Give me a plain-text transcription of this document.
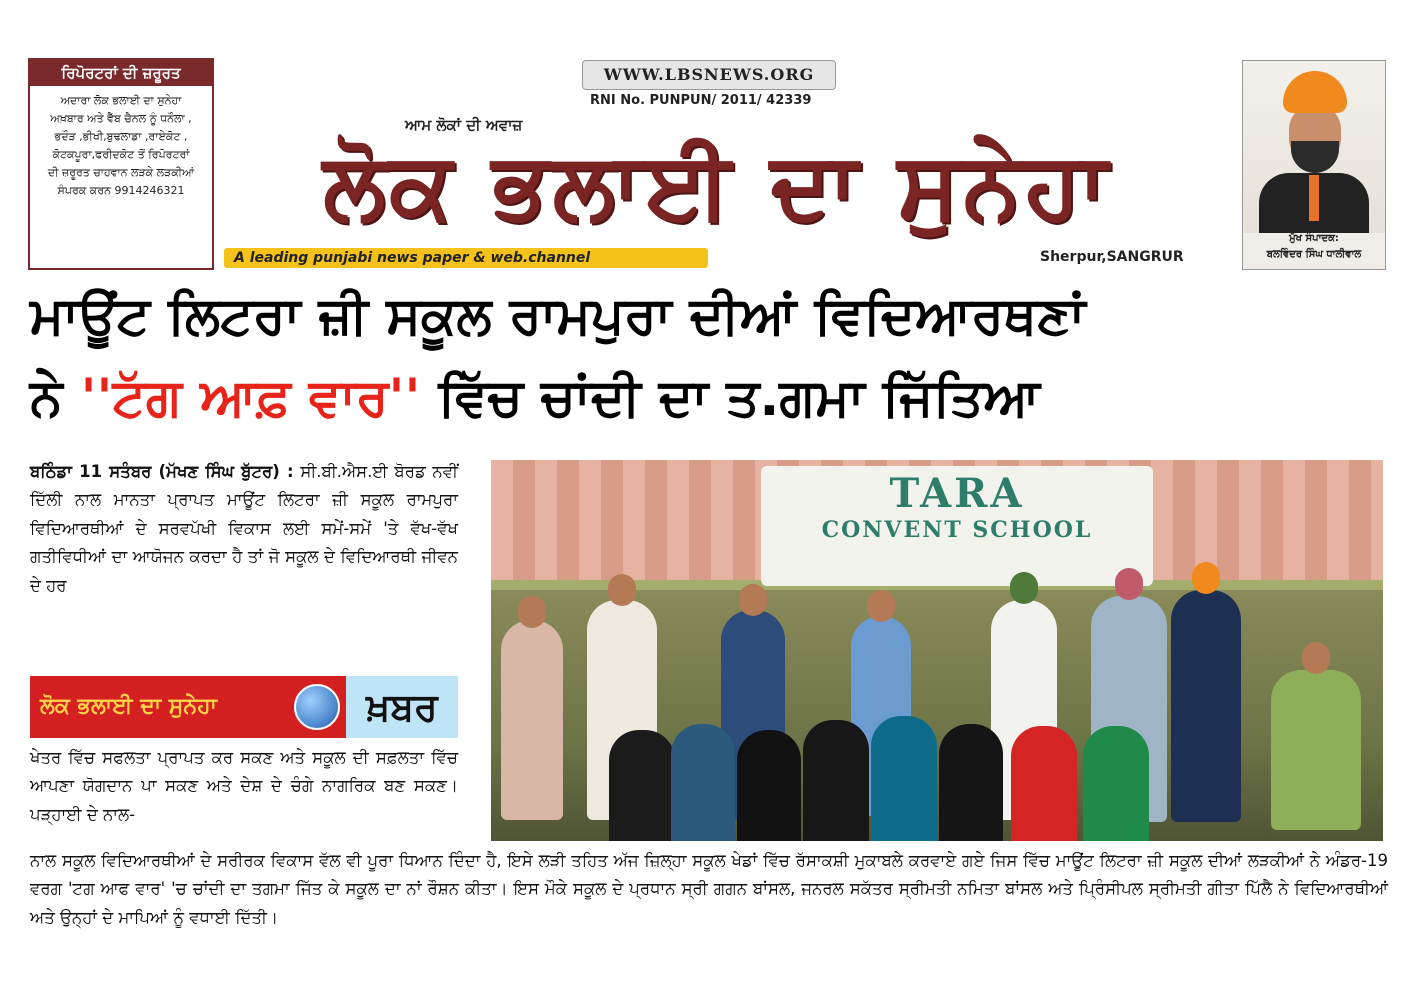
ਰਿਪੋਰਟਰਾਂ ਦੀ ਜ਼ਰੂਰਤ
ਅਦਾਰਾ ਲੋਕ ਭਲਾਈ ਦਾ ਸੁਨੇਹਾ
ਅਖ਼ਬਾਰ ਅਤੇ ਵੈੱਬ ਚੈਨਲ ਨੂੰ ਧਨੌਲਾ ,
ਭਦੌੜ ,ਭੀਖੀ,ਬੁਢਲਾਡਾ ,ਰਾਏਕੋਟ ,
ਕੋਟਕਪੂਰਾ,ਫਰੀਦਕੋਟ ਤੋਂ ਰਿਪੋਰਟਰਾਂ
ਦੀ ਜ਼ਰੂਰਤ ਚਾਹਵਾਨ ਲੜਕੇ ਲੜਕੀਆਂ
ਸੰਪਰਕ ਕਰਨ 9914246321
WWW.LBSNEWS.ORG
RNI No. PUNPUN/ 2011/ 42339
ਆਮ ਲੋਕਾਂ ਦੀ ਅਵਾਜ਼
ਲੋਕ ਭਲਾਈ ਦਾ ਸੁਨੇਹਾ
A leading punjabi news paper & web.channel	Sherpur,SANGRUR
ਮੁੱਖ ਸੰਪਾਦਕ:
ਬਲਵਿੰਦਰ ਸਿੰਘ ਧਾਲੀਵਾਲ
ਮਾਊਂਟ ਲਿਟਰਾ ਜ਼ੀ ਸਕੂਲ ਰਾਮਪੁਰਾ ਦੀਆਂ ਵਿਦਿਆਰਥਣਾਂ
ਨੇ ''ਟੱਗ ਆਫ਼ ਵਾਰ'' ਵਿੱਚ ਚਾਂਦੀ ਦਾ ਤ.ਗਮਾ ਜਿੱਤਿਆ
ਬਠਿੰਡਾ 11 ਸਤੰਬਰ (ਮੱਖਣ ਸਿੰਘ ਬੁੱਟਰ) : ਸੀ.ਬੀ.ਐਸ.ਈ ਬੋਰਡ ਨਵੀਂ ਦਿੱਲੀ ਨਾਲ ਮਾਨਤਾ ਪ੍ਰਾਪਤ ਮਾਊਂਟ ਲਿਟਰਾ ਜ਼ੀ ਸਕੂਲ ਰਾਮਪੁਰਾ ਵਿਦਿਆਰਥੀਆਂ ਦੇ ਸਰਵਪੱਖੀ ਵਿਕਾਸ ਲਈ ਸਮੇਂ-ਸਮੇਂ 'ਤੇ ਵੱਖ-ਵੱਖ ਗਤੀਵਿਧੀਆਂ ਦਾ ਆਯੋਜਨ ਕਰਦਾ ਹੈ ਤਾਂ ਜੋ ਸਕੂਲ ਦੇ ਵਿਦਿਆਰਥੀ ਜੀਵਨ ਦੇ ਹਰ
ਲੋਕ ਭਲਾਈ ਦਾ ਸੁਨੇਹਾ	ਖ਼ਬਰ
ਖੇਤਰ ਵਿੱਚ ਸਫਲਤਾ ਪ੍ਰਾਪਤ ਕਰ ਸਕਣ ਅਤੇ ਸਕੂਲ ਦੀ ਸਫ਼ਲਤਾ ਵਿੱਚ ਆਪਣਾ ਯੋਗਦਾਨ ਪਾ ਸਕਣ ਅਤੇ ਦੇਸ਼ ਦੇ ਚੰਗੇ ਨਾਗਰਿਕ ਬਣ ਸਕਣ। ਪੜ੍ਹਾਈ ਦੇ ਨਾਲ-
TARA
CONVENT SCHOOL
ਨਾਲ ਸਕੂਲ ਵਿਦਿਆਰਥੀਆਂ ਦੇ ਸਰੀਰਕ ਵਿਕਾਸ ਵੱਲ ਵੀ ਪੂਰਾ ਧਿਆਨ ਦਿੰਦਾ ਹੈ, ਇਸੇ ਲੜੀ ਤਹਿਤ ਅੱਜ ਜ਼ਿਲ੍ਹਾ ਸਕੂਲ ਖੇਡਾਂ ਵਿੱਚ ਰੱਸਾਕਸ਼ੀ ਮੁਕਾਬਲੇ ਕਰਵਾਏ ਗਏ ਜਿਸ ਵਿੱਚ ਮਾਊਂਟ ਲਿਟਰਾ ਜ਼ੀ ਸਕੂਲ ਦੀਆਂ ਲੜਕੀਆਂ ਨੇ ਅੰਡਰ-19 ਵਰਗ 'ਟਗ ਆਫ ਵਾਰ' 'ਚ ਚਾਂਦੀ ਦਾ ਤਗਮਾ ਜਿੱਤ ਕੇ ਸਕੂਲ ਦਾ ਨਾਂ ਰੌਸ਼ਨ ਕੀਤਾ। ਇਸ ਮੌਕੇ ਸਕੂਲ ਦੇ ਪ੍ਰਧਾਨ ਸ੍ਰੀ ਗਗਨ ਬਾਂਸਲ, ਜਨਰਲ ਸਕੱਤਰ ਸ੍ਰੀਮਤੀ ਨਮਿਤਾ ਬਾਂਸਲ ਅਤੇ ਪ੍ਰਿੰਸੀਪਲ ਸ੍ਰੀਮਤੀ ਗੀਤਾ ਪਿੱਲੈ ਨੇ ਵਿਦਿਆਰਥੀਆਂ ਅਤੇ ਉਨ੍ਹਾਂ ਦੇ ਮਾਪਿਆਂ ਨੂੰ ਵਧਾਈ ਦਿੱਤੀ।
